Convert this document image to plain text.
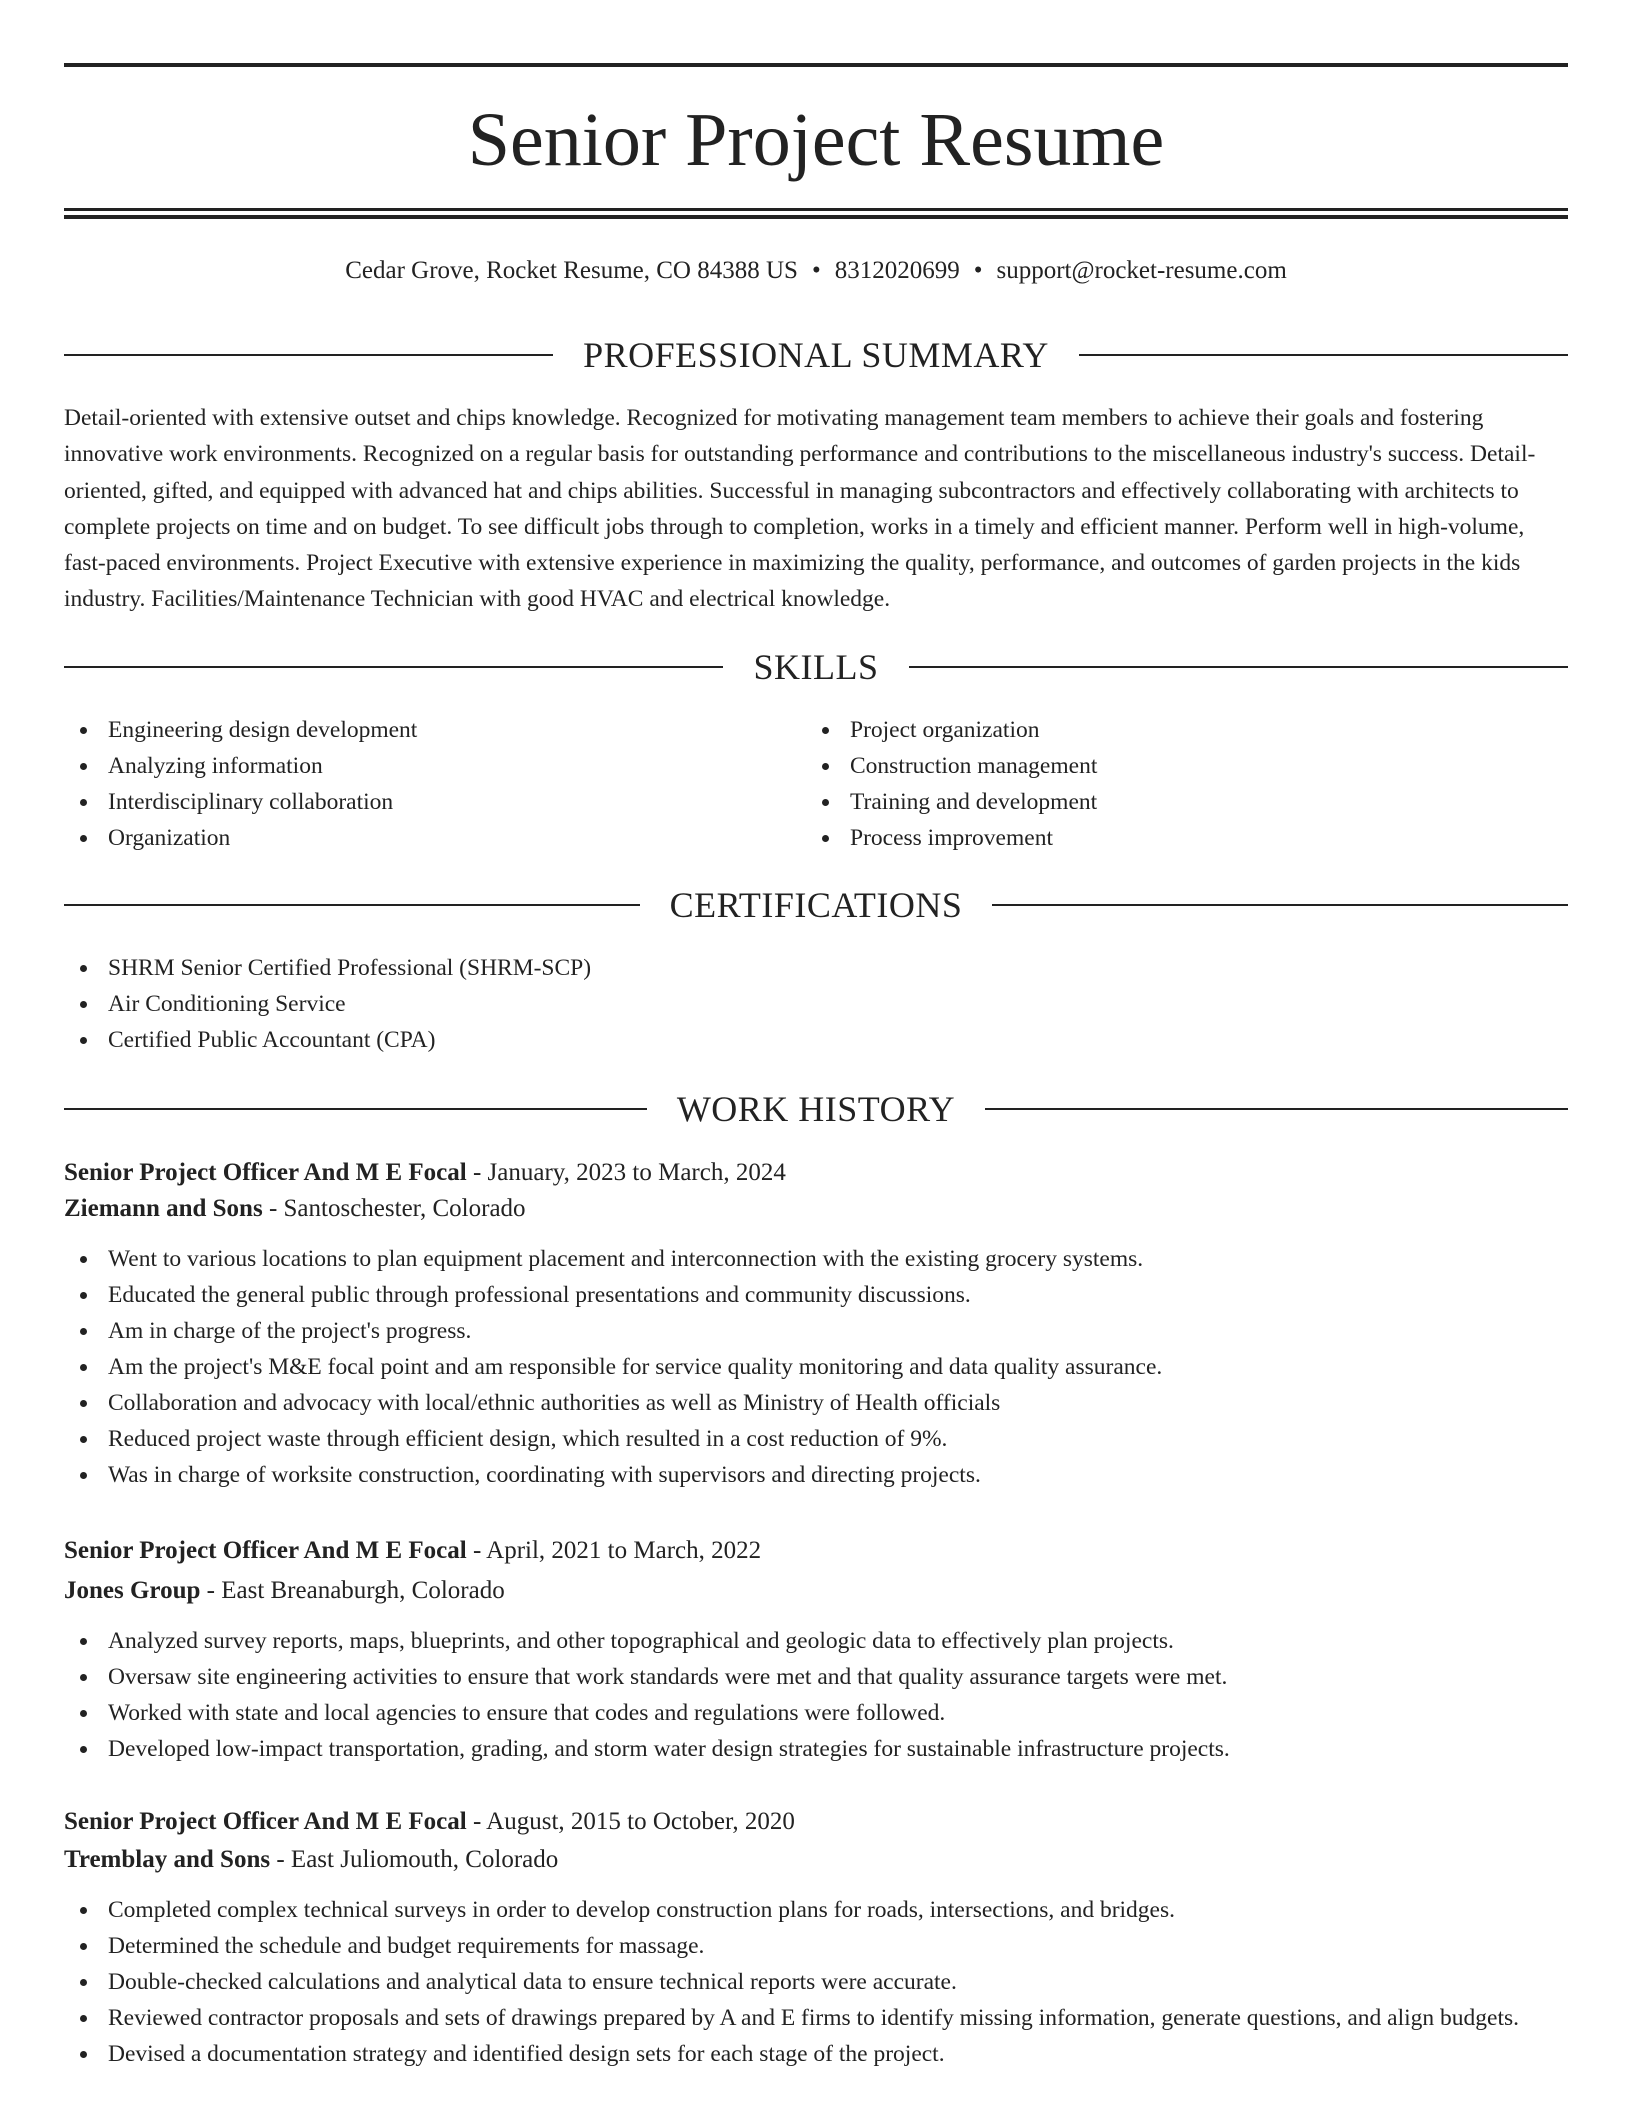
Senior Project Resume
Cedar Grove, Rocket Resume, CO 84388 US • 8312020699 • support@rocket-resume.com
PROFESSIONAL SUMMARY

Detail-oriented with extensive outset and chips knowledge. Recognized for motivating management team members to achieve their goals and fostering innovative work environments. Recognized on a regular basis for outstanding performance and contributions to the miscellaneous industry's success. Detail-oriented, gifted, and equipped with advanced hat and chips abilities. Successful in managing subcontractors and effectively collaborating with architects to complete projects on time and on budget. To see difficult jobs through to completion, works in a timely and efficient manner. Perform well in high-volume, fast-paced environments. Project Executive with extensive experience in maximizing the quality, performance, and outcomes of garden projects in the kids industry. Facilities/Maintenance Technician with good HVAC and electrical knowledge.

SKILLS
Engineering design development
Analyzing information
Interdisciplinary collaboration
Organization
Project organization
Construction management
Training and development
Process improvement
CERTIFICATIONS
SHRM Senior Certified Professional (SHRM-SCP)
Air Conditioning Service
Certified Public Accountant (CPA)
WORK HISTORY
Senior Project Officer And M E Focal - January, 2023 to March, 2024
Ziemann and Sons - Santoschester, Colorado
Went to various locations to plan equipment placement and interconnection with the existing grocery systems.
Educated the general public through professional presentations and community discussions.
Am in charge of the project's progress.
Am the project's M&E focal point and am responsible for service quality monitoring and data quality assurance.
Collaboration and advocacy with local/ethnic authorities as well as Ministry of Health officials
Reduced project waste through efficient design, which resulted in a cost reduction of 9%.
Was in charge of worksite construction, coordinating with supervisors and directing projects.
Senior Project Officer And M E Focal - April, 2021 to March, 2022
Jones Group - East Breanaburgh, Colorado
Analyzed survey reports, maps, blueprints, and other topographical and geologic data to effectively plan projects.
Oversaw site engineering activities to ensure that work standards were met and that quality assurance targets were met.
Worked with state and local agencies to ensure that codes and regulations were followed.
Developed low-impact transportation, grading, and storm water design strategies for sustainable infrastructure projects.
Senior Project Officer And M E Focal - August, 2015 to October, 2020
Tremblay and Sons - East Juliomouth, Colorado
Completed complex technical surveys in order to develop construction plans for roads, intersections, and bridges.
Determined the schedule and budget requirements for massage.
Double-checked calculations and analytical data to ensure technical reports were accurate.
Reviewed contractor proposals and sets of drawings prepared by A and E firms to identify missing information, generate questions, and align budgets.
Devised a documentation strategy and identified design sets for each stage of the project.
